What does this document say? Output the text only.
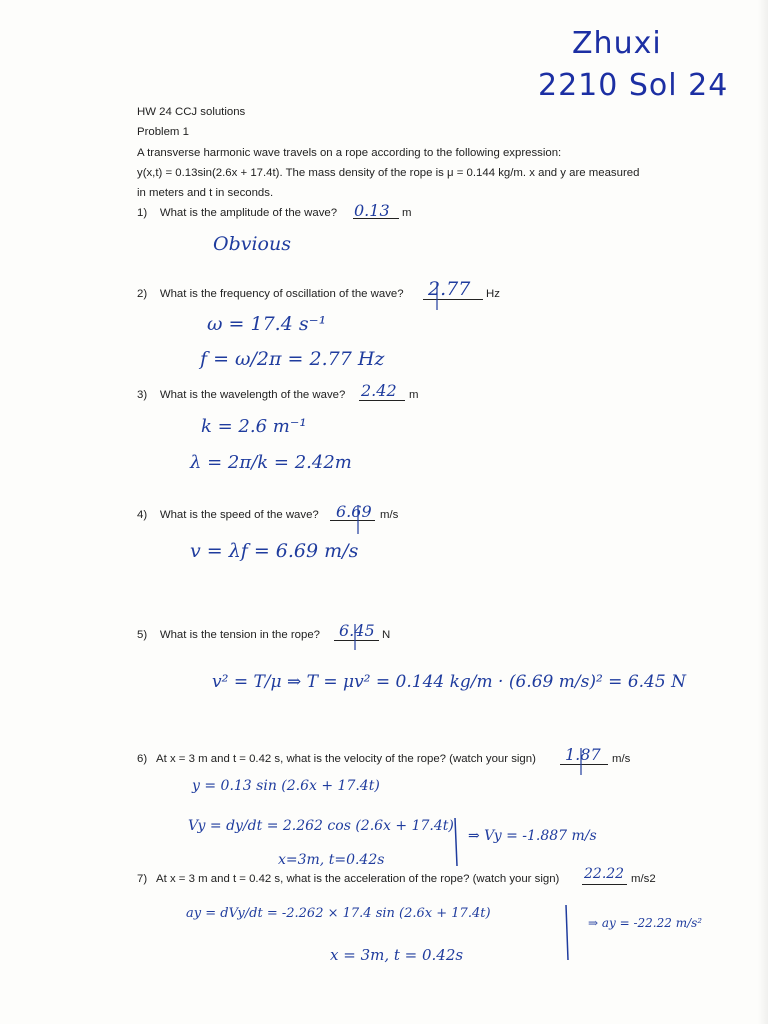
Zhuxi
2210 Sol 24
HW 24 CCJ solutions
Problem 1
A transverse harmonic wave travels on a rope according to the following expression:
y(x,t) = 0.13sin(2.6x + 17.4t). The mass density of the rope is μ = 0.144 kg/m. x and y are measured
in meters and t in seconds.
1) What is the amplitude of the wave? 0.13 m
Obvious
2) What is the frequency of oscillation of the wave? 2.77 Hz
ω = 17.4 s⁻¹
f = ω/2π = 2.77 Hz
3) What is the wavelength of the wave? 2.42 m
k = 2.6 m⁻¹
λ = 2π/k = 2.42m
4) What is the speed of the wave? 6.69 m/s
v = λf = 6.69 m/s
5) What is the tension in the rope? 6.45 N
v² = T/μ ⇒ T = μv² = 0.144 kg/m · (6.69 m/s)² = 6.45 N
6) At x = 3 m and t = 0.42 s, what is the velocity of the rope? (watch your sign) 1.87 m/s
y = 0.13 sin (2.6x + 17.4t)
Vy = dy/dt = 2.262 cos (2.6x + 17.4t)
x=3m, t=0.42s
⇒ Vy = -1.887 m/s
7) At x = 3 m and t = 0.42 s, what is the acceleration of the rope? (watch your sign) 22.22 m/s2
ay = dVy/dt = -2.262 × 17.4 sin (2.6x + 17.4t)
x = 3m, t = 0.42s
⇒ ay = -22.22 m/s²
